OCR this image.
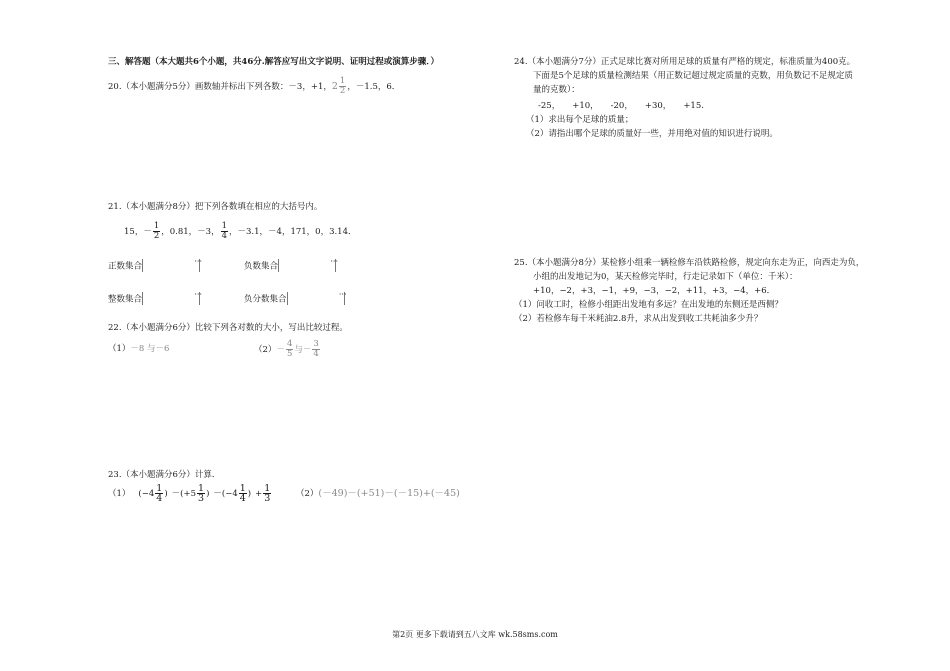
三、解答题（本大题共6个小题，共46分.解答应写出文字说明、证明过程或演算步骤．）
20.（本小题满分5分）画数轴并标出下列各数：－3，+1，$2 \frac{1}{2}$ ，－1.5，6．
21.（本小题满分8分）把下列各数填在相应的大括号内。
15，－ $\frac{1}{2}$ ，0.81，－3， $\frac{1}{4}$ ，－3.1，－4，171，0，3.14．
正数集合	···	负数集合	···
整数集合	···	负分数集合	···
22.（本小题满分6分）比较下列各对数的大小，写出比较过程。
（1）－8 与－6	$(2)- \frac{4}{5}$ 与－ $\frac{3}{4}$
23.（本小题满分6分）计算．
（1） ($-4 \frac{1}{4}$ ) $-(+5 \frac{1}{3}$ ) $-(-4 \frac{1}{4}$ ) + $\frac{1}{3}$	（2）(－49)－(+51)－(－15)+(－45)
24.（本小题满分7分）正式足球比赛对所用足球的质量有严格的规定，标准质量为400克。
下面是5个足球的质量检测结果（用正数记超过规定质量的克数，用负数记不足规定质
量的克数）：
-25， +10， -20， +30， +15.
（1）求出每个足球的质量；
（2）请指出哪个足球的质量好一些，并用绝对值的知识进行说明。
25.（本小题满分8分）某检修小组乘一辆检修车沿铁路检修，规定向东走为正，向西走为负，
小组的出发地记为0，某天检修完毕时，行走记录如下（单位：千米）：
+10，−2，+3，−1，+9，−3，−2，+11，+3，−4，+6．
（1）问收工时，检修小组距出发地有多远？在出发地的东侧还是西侧？
（2）若检修车每千米耗油2.8升，求从出发到收工共耗油多少升？
第2页 更多下载请到五八文库 wk.58sms.com
